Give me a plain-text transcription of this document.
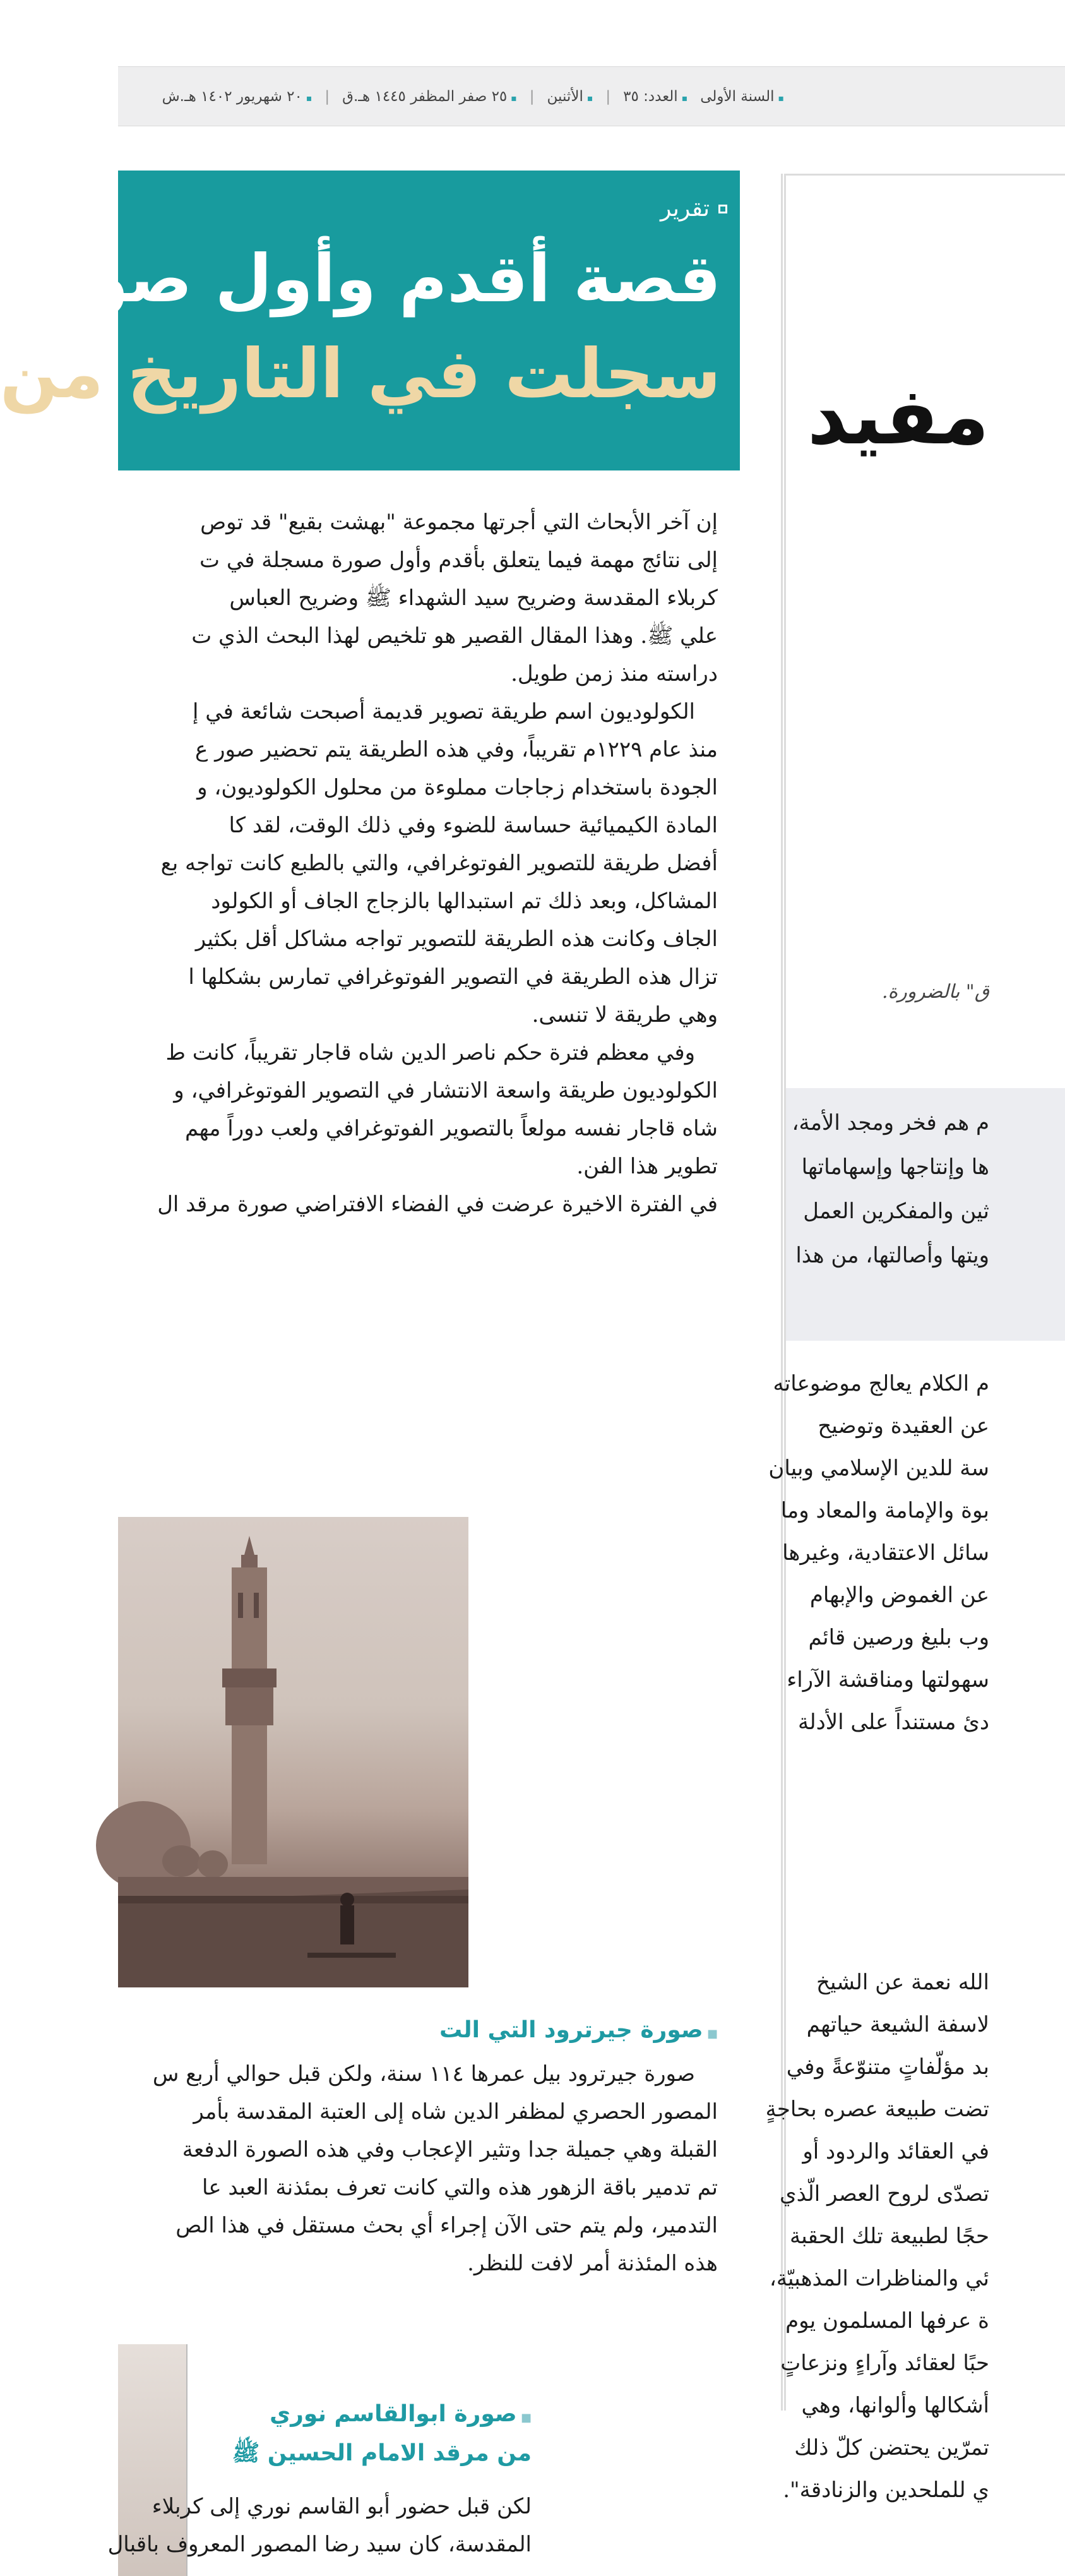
▪ السنة الأولى
▪ العدد: ٣٥
|
▪ الأثنين
|
▪ ٢٥ صفر المظفر ١٤٤٥ هـ.ق
|
▪ ٢٠ شهريور ١٤٠٢ هـ.ش
تقرير
قصة أقدم وأول صورة
سجلت في التاريخ من

إن آخر الأبحاث التي أجرتها مجموعة "بهشت بقيع" قد توص

إلى نتائج مهمة فيما يتعلق بأقدم وأول صورة مسجلة في ت

كربلاء المقدسة وضريح سيد الشهداء ﷺ وضريح العباس

علي ﷺ. وهذا المقال القصير هو تلخيص لهذا البحث الذي ت

دراسته منذ زمن طويل.

الكولوديون اسم طريقة تصوير قديمة أصبحت شائعة في إ

منذ عام ١٢٢٩م تقريباً، وفي هذه الطريقة يتم تحضير صور ع

الجودة باستخدام زجاجات مملوءة من محلول الكولوديون، و

المادة الكيميائية حساسة للضوء وفي ذلك الوقت، لقد كا

أفضل طريقة للتصوير الفوتوغرافي، والتي بالطبع كانت تواجه بع

المشاكل، وبعد ذلك تم استبدالها بالزجاج الجاف أو الكولود

الجاف وكانت هذه الطريقة للتصوير تواجه مشاكل أقل بكثير

تزال هذه الطريقة في التصوير الفوتوغرافي تمارس بشكلها ا

وهي طريقة لا تنسى.

وفي معظم فترة حكم ناصر الدين شاه قاجار تقريباً، كانت ط

الكولوديون طريقة واسعة الانتشار في التصوير الفوتوغرافي، و

شاه قاجار نفسه مولعاً بالتصوير الفوتوغرافي ولعب دوراً مهم

تطوير هذا الفن.

في الفترة الاخيرة عرضت في الفضاء الافتراضي صورة مرقد ال

■ صورة جيرترود التي الت

صورة جيرترود بيل عمرها ١١٤ سنة، ولكن قبل حوالي أربع س

المصور الحصري لمظفر الدين شاه إلى العتبة المقدسة بأمر

القبلة وهي جميلة جدا وتثير الإعجاب وفي هذه الصورة الدفعة

تم تدمير باقة الزهور هذه والتي كانت تعرف بمئذنة العبد عا

التدمير، ولم يتم حتى الآن إجراء أي بحث مستقل في هذا الص

هذه المئذنة أمر لافت للنظر.

■ صورة ابوالقاسم نوري
من مرقد الامام الحسين ﷺ

لكن قبل حضور أبو القاسم نوري إلى كربلاء

المقدسة، كان سيد رضا المصور المعروف باقبال

مفيد
ق" بالضرورة.

م هم فخر ومجد الأمة،

ها وإنتاجها وإسهاماتها

ثين والمفكرين العمل

ويتها وأصالتها، من هذا

م الكلام يعالج موضوعاته

عن العقيدة وتوضيح

سة للدين الإسلامي وبيان

بوة والإمامة والمعاد وما

سائل الاعتقادية، وغيرها

عن الغموض والإبهام

وب بليغ ورصين قائم

سهولتها ومناقشة الآراء

دئ مستنداً على الأدلة

الله نعمة عن الشيخ

لاسفة الشيعة حياتهم

بد مؤلّفاتٍ متنوّعةً وفي

تضت طبيعة عصره بحاجةٍ

في العقائد والردود أو

تصدّى لروح العصر الّذي

حجًا لطبيعة تلك الحقبة

ئي والمناظرات المذهبيّة،

ة عرفها المسلمون يوم

حبًا لعقائد وآراءٍ ونزعاتٍ

أشكالها وألوانها، وهي

تمرّين يحتضن كلّ ذلك

ي للملحدين والزنادقة".
